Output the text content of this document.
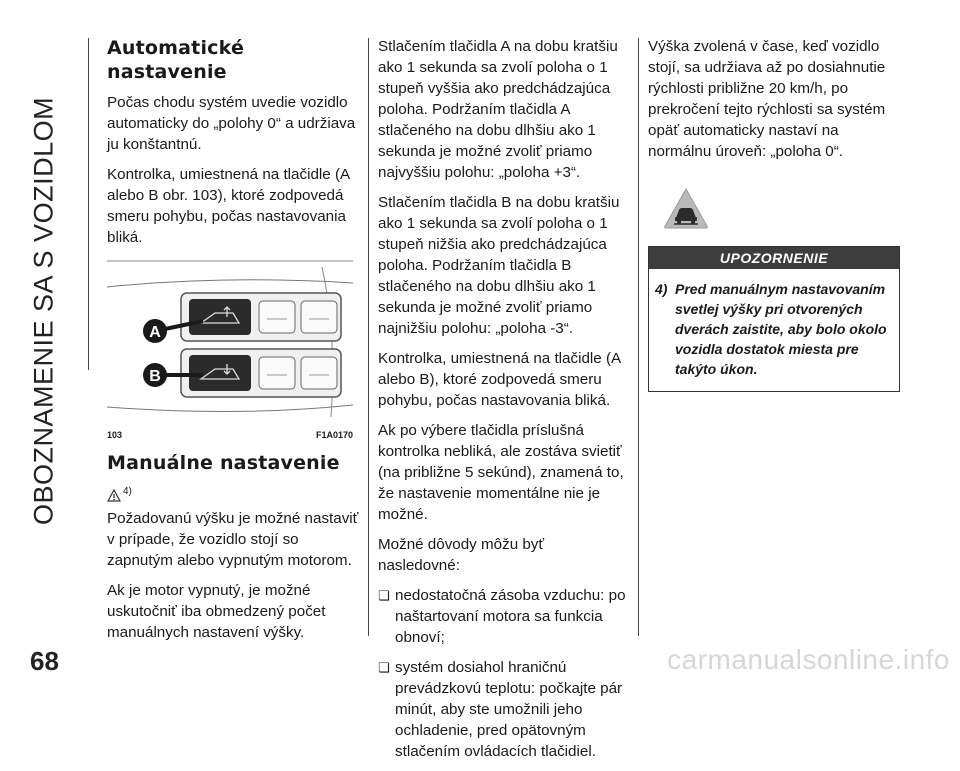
OBOZNAMENIE SA S VOZIDLOM
Automatické nastavenie

Počas chodu systém uvedie vozidlo automaticky do „polohy 0“ a udržiava ju konštantnú.

Kontrolka, umiestnená na tlačidle (A alebo B obr. 103), ktoré zodpovedá smeru pohybu, počas nastavovania bliká.

A
B
103	F1A0170
Manuálne nastavenie
4)

Požadovanú výšku je možné nastaviť v prípade, že vozidlo stojí so zapnutým alebo vypnutým motorom.

Ak je motor vypnutý, je možné uskutočniť iba obmedzený počet manuálnych nastavení výšky.

Stlačením tlačidla A na dobu kratšiu ako 1 sekunda sa zvolí poloha o 1 stupeň vyššia ako predchádzajúca poloha. Podržaním tlačidla A stlačeného na dobu dlhšiu ako 1 sekunda je možné zvoliť priamo najvyššiu polohu: „poloha +3“.

Stlačením tlačidla B na dobu kratšiu ako 1 sekunda sa zvolí poloha o 1 stupeň nižšia ako predchádzajúca poloha. Podržaním tlačidla B stlačeného na dobu dlhšiu ako 1 sekunda je možné zvoliť priamo najnižšiu polohu: „poloha -3“.

Kontrolka, umiestnená na tlačidle (A alebo B), ktoré zodpovedá smeru pohybu, počas nastavovania bliká.

Ak po výbere tlačidla príslušná kontrolka nebliká, ale zostáva svietiť (na približne 5 sekúnd), znamená to, že nastavenie momentálne nie je možné.

Možné dôvody môžu byť nasledovné:

❏ nedostatočná zásoba vzduchu: po naštartovaní motora sa funkcia obnoví;
❏ systém dosiahol hraničnú prevádzkovú teplotu: počkajte pár minút, aby ste umožnili jeho ochladenie, pred opätovným stlačením ovládacích tlačidiel.

Výška zvolená v čase, keď vozidlo stojí, sa udržiava až po dosiahnutie rýchlosti približne 20 km/h, po prekročení tejto rýchlosti sa systém opäť automaticky nastaví na normálnu úroveň: „poloha 0“.

UPOZORNENIE
4) Pred manuálnym nastavovaním svetlej výšky pri otvorených dverách zaistite, aby bolo okolo vozidla dostatok miesta pre takýto úkon.
68	carmanualsonline.info
